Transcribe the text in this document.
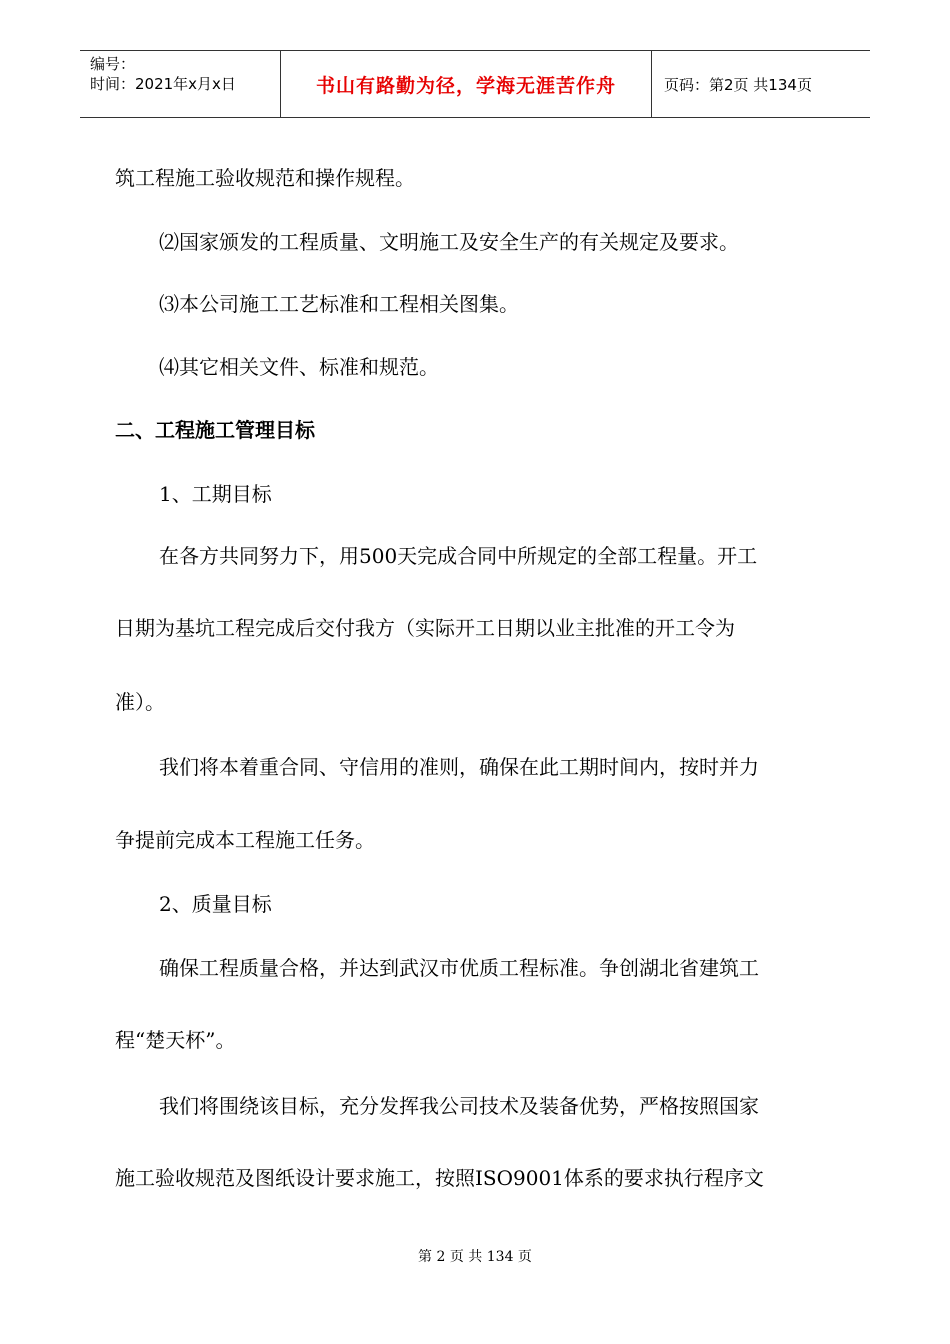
编号：
时间：2021年x月x日	书山有路勤为径，学海无涯苦作舟	页码：第2页 共134页
筑工程施工验收规范和操作规程。
⑵国家颁发的工程质量、文明施工及安全生产的有关规定及要求。
⑶本公司施工工艺标准和工程相关图集。
⑷其它相关文件、标准和规范。
二、工程施工管理目标
1、工期目标
在各方共同努力下，用500天完成合同中所规定的全部工程量。开工
日期为基坑工程完成后交付我方（实际开工日期以业主批准的开工令为
准）。
我们将本着重合同、守信用的准则，确保在此工期时间内，按时并力
争提前完成本工程施工任务。
2、质量目标
确保工程质量合格，并达到武汉市优质工程标准。争创湖北省建筑工
程“楚天杯”。
我们将围绕该目标，充分发挥我公司技术及装备优势，严格按照国家
施工验收规范及图纸设计要求施工，按照ISO9001体系的要求执行程序文
第 2 页 共 134 页
